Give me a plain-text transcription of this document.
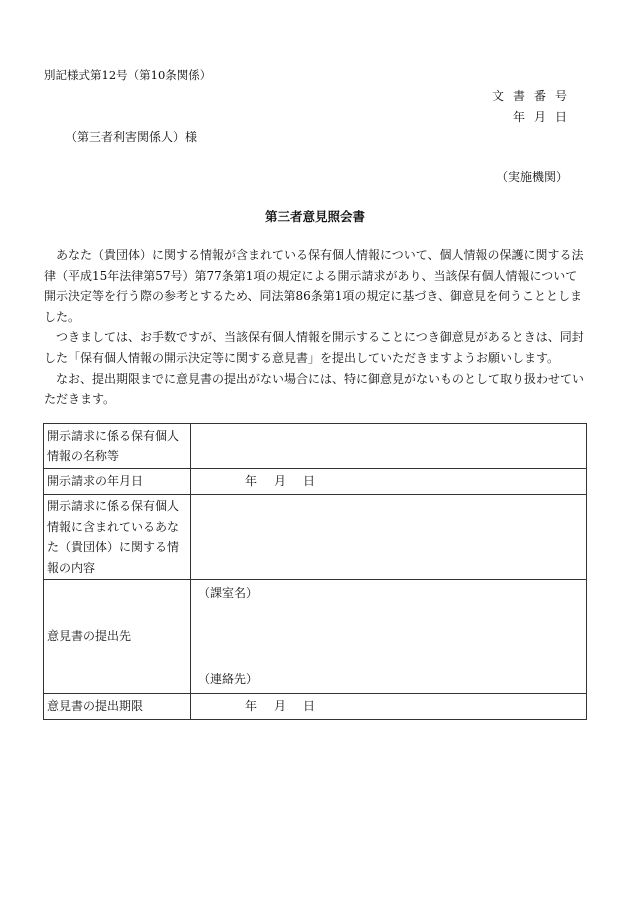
別記様式第12号（第10条関係）
文書番号
年月日
（第三者利害関係人）様
（実施機関）
第三者意見照会書

あなた（貴団体）に関する情報が含まれている保有個人情報について、個人情報の保護に関する法律（平成15年法律第57号）第77条第1項の規定による開示請求があり、当該保有個人情報について開示決定等を行う際の参考とするため、同法第86条第1項の規定に基づき、御意見を伺うこととしました。

つきましては、お手数ですが、当該保有個人情報を開示することにつき御意見があるときは、同封した「保有個人情報の開示決定等に関する意見書」を提出していただきますようお願いします。

なお、提出期限までに意見書の提出がない場合には、特に御意見がないものとして取り扱わせていただきます。

開示請求に係る保有個人情報の名称等	
開示請求の年月日	年 月 日
開示請求に係る保有個人情報に含まれているあなた（貴団体）に関する情報の内容	
意見書の提出先	（課室名）
（連絡先）

意見書の提出期限	年 月 日
